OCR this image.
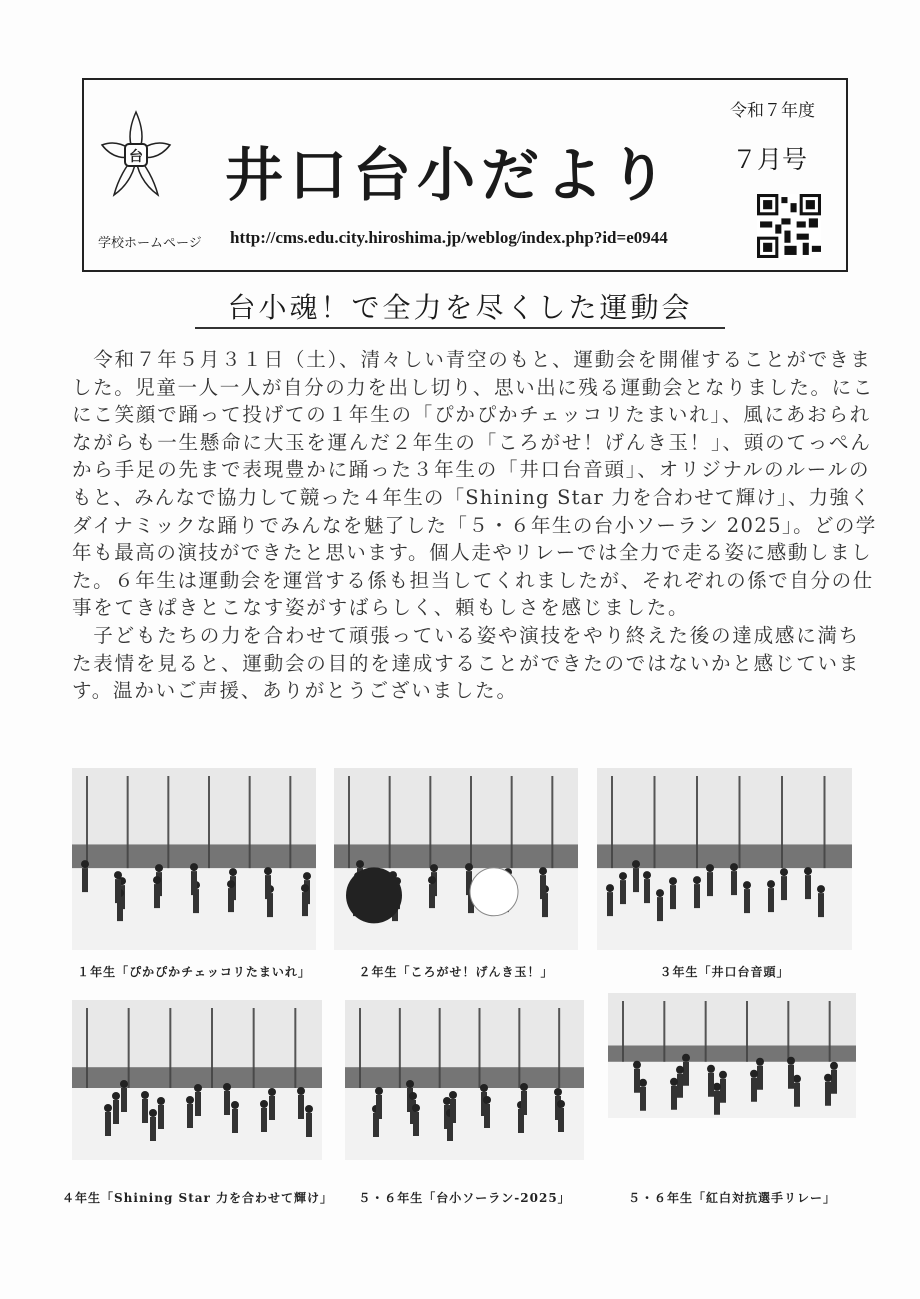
台 井口台小だより
令和７年度
７月号
学校ホームページ http://cms.edu.city.hiroshima.jp/weblog/index.php?id=e0944
台小魂！で全力を尽くした運動会
　令和７年５月３１日（土）、清々しい青空のもと、運動会を開催することができま
した。児童一人一人が自分の力を出し切り、思い出に残る運動会となりました。にこ
にこ笑顔で踊って投げての１年生の「ぴかぴかチェッコリたまいれ」、風にあおられ
ながらも一生懸命に大玉を運んだ２年生の「ころがせ！げんき玉！」、頭のてっぺん
から手足の先まで表現豊かに踊った３年生の「井口台音頭」、オリジナルのルールの
もと、みんなで協力して競った４年生の「Shining Star 力を合わせて輝け」、力強く
ダイナミックな踊りでみんなを魅了した「５・６年生の台小ソーラン 2025」。どの学
年も最高の演技ができたと思います。個人走やリレーでは全力で走る姿に感動しまし
た。６年生は運動会を運営する係も担当してくれましたが、それぞれの係で自分の仕
事をてきぱきとこなす姿がすばらしく、頼もしさを感じました。
　子どもたちの力を合わせて頑張っている姿や演技をやり終えた後の達成感に満ち
た表情を見ると、運動会の目的を達成することができたのではないかと感じていま
す。温かいご声援、ありがとうございました。
１年生「ぴかぴかチェッコリたまいれ」	２年生「ころがせ！げんき玉！」	３年生「井口台音頭」
４年生「Shining Star 力を合わせて輝け」	５・６年生「台小ソーラン-2025」	５・６年生「紅白対抗選手リレー」
